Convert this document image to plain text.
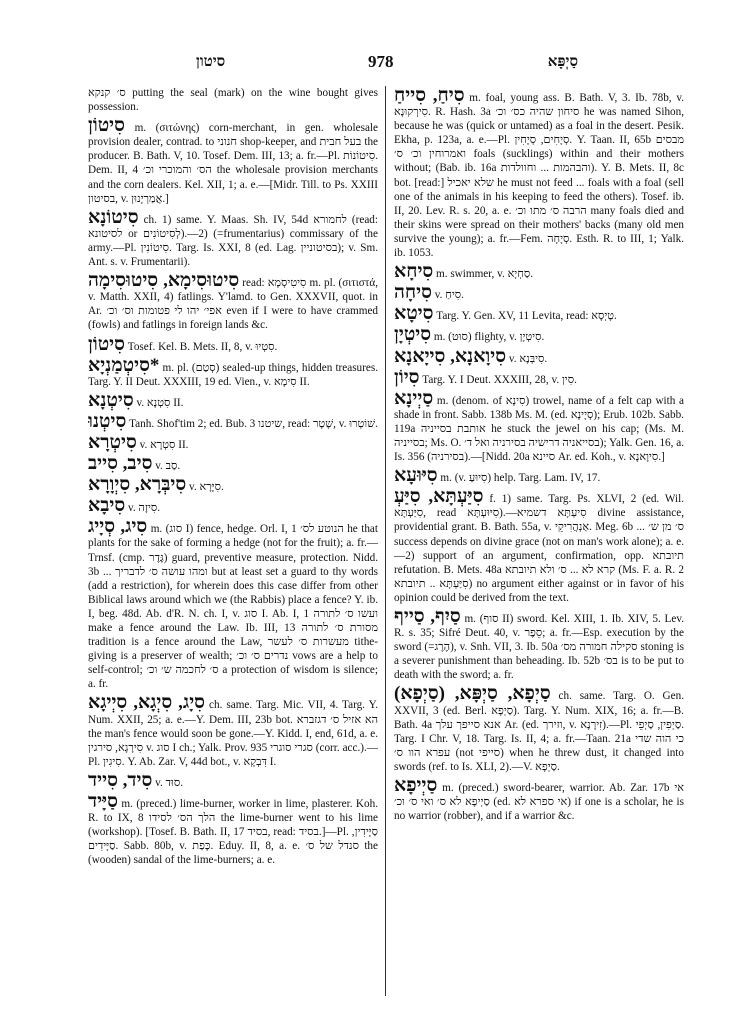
סיטון	978	סַיְפָּא
ס׳ קנקא putting the seal (mark) on the wine bought gives possession.
סִיטוֹן m. (σιτώνης) corn-merchant, in gen. wholesale provision dealer, contrad. to חנוני shop-keeper, and בעל חבית the producer. B. Bath. V, 10. Tosef. Dem. III, 13; a. fr.—Pl. סִיטוֹנוֹת. Dem. II, 4 הס׳ והמוכרי וכ׳ the wholesale provision merchants and the corn dealers. Kel. XII, 1; a. e.—[Midr. Till. to Ps. XXIII בסיטון, v. אֲמַרְיָנוּן.]
סִיטוֹנָא ch. 1) same. Y. Maas. Sh. IV, 54d לחמורא (read: לסיטונא or לְסִיטוֹנִים).—2) (=frumentarius) commissary of the army.—Pl. סִיטוֹנִין. Targ. Is. XXI, 8 (ed. Lag. בסיטוניין); v. Sm. Ant. s. v. Frumentarii).
סִיטוּסִימָא, סִיטוּסִימָה read: סִיטִיסְמָא m. pl. (σιτιστά, v. Matth. XXII, 4) fatlings. Y'lamd. to Gen. XXXVII, quot. in Ar. אפי׳ יהו לי פטומות וס׳ וכ׳ even if I were to have crammed (fowls) and fatlings in foreign lands &c.
סִיטוֹן Tosef. Kel. B. Mets. II, 8, v. סִטְיוּ.
*סִיטְמַנְיָא m. pl. (סְטַם) sealed-up things, hidden treasures. Targ. Y. II Deut. XXXIII, 19 ed. Vien., v. סִימָא II.
סִיטְנָא v. סִטְנָא II.
סִיטְנוּ Tanh. Shof'tim 2; ed. Bub. 3 שיטנו, read: שָׁטָר, v. שׁוֹטְרוּ.
סִיטְרָא v. סִטְרָא II.
סִיב, סִייב v. סַב.
סִיבְּרָא, סִיְוָרָא v. סִיָּרָא.
סִיבָא v. סִיזָה.
סִיג, סְיָיג m. (סוג I) fence, hedge. Orl. I, 1 הנוטע לס׳ he that plants for the sake of forming a hedge (not for the fruit); a. fr.—Trnsf. (cmp. גֶּדֶר) guard, preventive measure, protection. Nidd. 3b ... ומהו עושה ס׳ לדבריך but at least set a guard to thy words (add a restriction), for wherein does this case differ from other Biblical laws around which we (the Rabbis) place a fence? Y. ib. I, beg. 48d. Ab. d'R. N. ch. I, v. סוג I. Ab. I, 1 ועשו ס׳ לתורה make a fence around the Law. Ib. III, 13 מסורת ס׳ לתורה tradition is a fence around the Law, מעשרות ס׳ לעשר tithe-giving is a preserver of wealth; נדרים ס׳ וכ׳ vows are a help to self-control; ס׳ לחכמה ש׳ וכ׳ a protection of wisdom is silence; a. fr.
סִיָג, סִיְגָא, סִיְיגָא ch. same. Targ. Mic. VII, 4. Targ. Y. Num. XXII, 25; a. e.—Y. Dem. III, 23b bot. הא אזיל ס׳ דגזברא the man's fence would soon be gone.—Y. Kidd. I, end, 61d, a. e. סִירָגָא, סירגין v. סוג I ch.; Yalk. Prov. 935 סגרי סוגרי (corr. acc.).—Pl. סִיגִין. Y. Ab. Zar. V, 44d bot., v. דִּבְקָא I.
סִיד, סִייד v. סוּד.
סַיָּיד m. (preced.) lime-burner, worker in lime, plasterer. Koh. R. to IX, 8 הלך הס׳ לסידו the lime-burner went to his lime (workshop). [Tosef. B. Bath. II, 17 בסיד, read: בסיד.]—Pl. סַיָּידִין, סַיָּידִים. Sabb. 80b, v. כָּפַת. Eduy. II, 8, a. e. סנדל של ס׳ the (wooden) sandal of the lime-burners; a. e.
סִיחַ, סִייחַ m. foal, young ass. B. Bath. V, 3. Ib. 78b, v. סִירְקוּנָא. R. Hash. 3a סיחון שהיה כס׳ וכ׳ he was named Sihon, because he was (quick or untamed) as a foal in the desert. Pesik. Ekha, p. 123a, a. e.—Pl. סְיָחִים, סְיָחִין. Y. Taan. II, 65b מבסים ואמרוחין וכ׳ ס׳ foals (sucklings) within and their mothers without; (Bab. ib. 16a והבהמות ... וחוולדות). Y. B. Mets. II, 8c bot. [read:] שלא יאכיל he must not feed ... foals with a foal (sell one of the animals in his keeping to feed the others). Tosef. ib. II, 20. Lev. R. s. 20, a. e. הרבה ס׳ מתו וכ׳ many foals died and their skins were spread on their mothers' backs (many old men survive the young); a. fr.—Fem. סְיָחָה. Esth. R. to III, 1; Yalk. ib. 1053.
סִיחָא m. swimmer, v. סַחְיָא.
סִיחָה v. סִיחַ.
סִיטָא Targ. Y. Gen. XV, 11 Levita, read: טָיְסָא.
סִיטְיָן m. (סוּט) flighty, v. סִיטְיָן.
סִיוָאנָא, סִייָאנָא v. סִיבְּנָא.
סִיוֹן Targ. Y. I Deut. XXXIII, 28, v. סִין.
סַיְינָא m. (denom. of סִינָא) trowel, name of a felt cap with a shade in front. Sabb. 138b Ms. M. (ed. סְיָינָא); Erub. 102b. Sabb. 119a אותבת בסייניה he stuck the jewel on his cap; (Ms. M. בסייניה; Ms. O. בסייאניה דרישיה בסירניה ואל ד׳); Yalk. Gen. 16, a. Is. 356 (בסירניה).—[Nidd. 20a סיינא Ar. ed. Koh., v. סִיוָאנָא.]
סִיּוּעָא m. (v. סִיוּעַ) help. Targ. Lam. IV, 17.
סִיַּעְתָּא, סִיַּעְ f. 1) same. Targ. Ps. XLVI, 2 (ed. Wil. סִיַּעְתָּא, read סִיּוּעְתָּא).—סִיעְתָּא דשמיא divine assistance, providential grant. B. Bath. 55a, v. אַנְהֲרִיקֵי. Meg. 6b ... ס׳ מן ש׳ success depends on divine grace (not on man's work alone); a. e.—2) support of an argument, confirmation, opp. תיובתא refutation. B. Mets. 48a קרא לא ... ס׳ ולא תיובתא (Ms. F. a. R. 2 סִיַּעְתָּא .. תיובתא) no argument either against or in favor of his opinion could be derived from the text.
סַיִף, סַייף m. (סוף II) sword. Kel. XIII, 1. Ib. XIV, 5. Lev. R. s. 35; Sifré Deut. 40, v. סֵפֶר; a. fr.—Esp. execution by the sword (=הֶרֶג), v. Snh. VII, 3. Ib. 50a סקילה חמורה מס׳ stoning is a severer punishment than beheading. Ib. 52b בס׳ is to be put to death with the sword; a. fr.
סַיְפָא, סַיְפָּא, (סַיְפָא) ch. same. Targ. O. Gen. XXVII, 3 (ed. Berl. סַיְפָא). Targ. Y. Num. XIX, 16; a. fr.—B. Bath. 4a אנא סייפך עלך Ar. (ed. וזירך, v. זִירָנָא).—Pl. סַיְפִין, סַיְפֵי. Targ. I Chr. V, 18. Targ. Is. II, 4; a. fr.—Taan. 21a כי הוה שדי עפרא הוו ס׳ (not סייפי) when he threw dust, it changed into swords (ref. to Is. XLI, 2).—V. סַיְפָא.
סַיְיפָא m. (preced.) sword-bearer, warrior. Ab. Zar. 17b אי סַיְיפָא לא ס׳ ואי ס׳ וכ׳ (ed. אי ספרא לא) if one is a scholar, he is no warrior (robber), and if a warrior &c.
